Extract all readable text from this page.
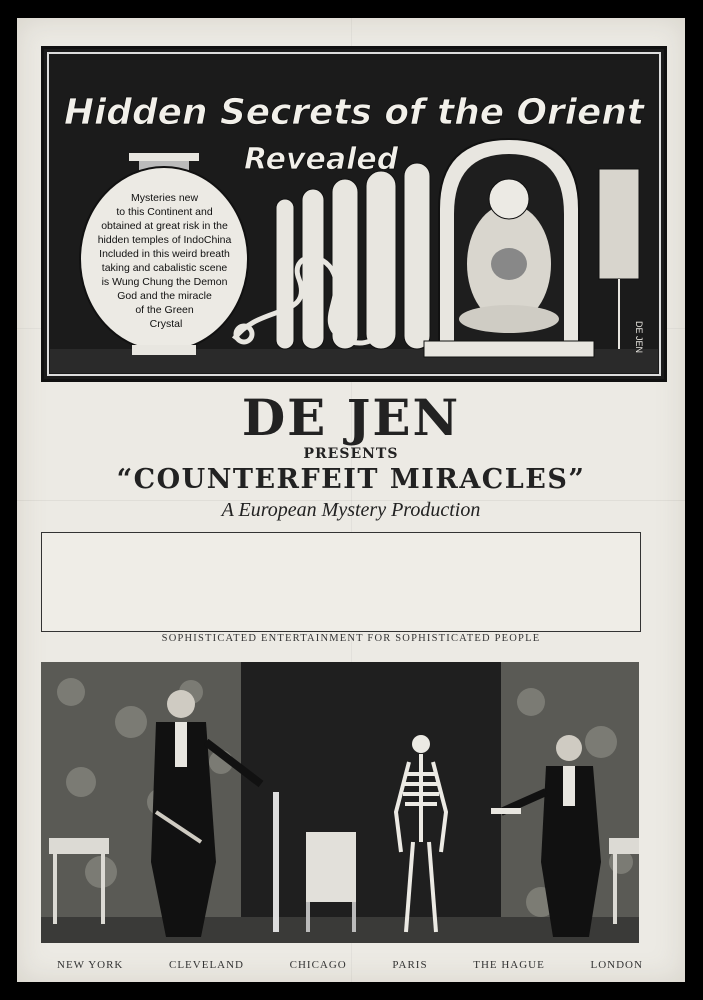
Mysteries new to this Continent and obtained at great risk in the hidden temples of IndoChina Included in this weird breath taking and cabalistic scene is Wung Chung the Demon God and the miracle of the Green Crystal
Hidden Secrets of the Orient
Revealed
DE JEN
DE JEN
PRESENTS
“COUNTERFEIT MIRACLES”
A European Mystery Production
SOPHISTICATED ENTERTAINMENT FOR SOPHISTICATED PEOPLE
NEW YORK	CLEVELAND	CHICAGO	PARIS	THE HAGUE	LONDON
